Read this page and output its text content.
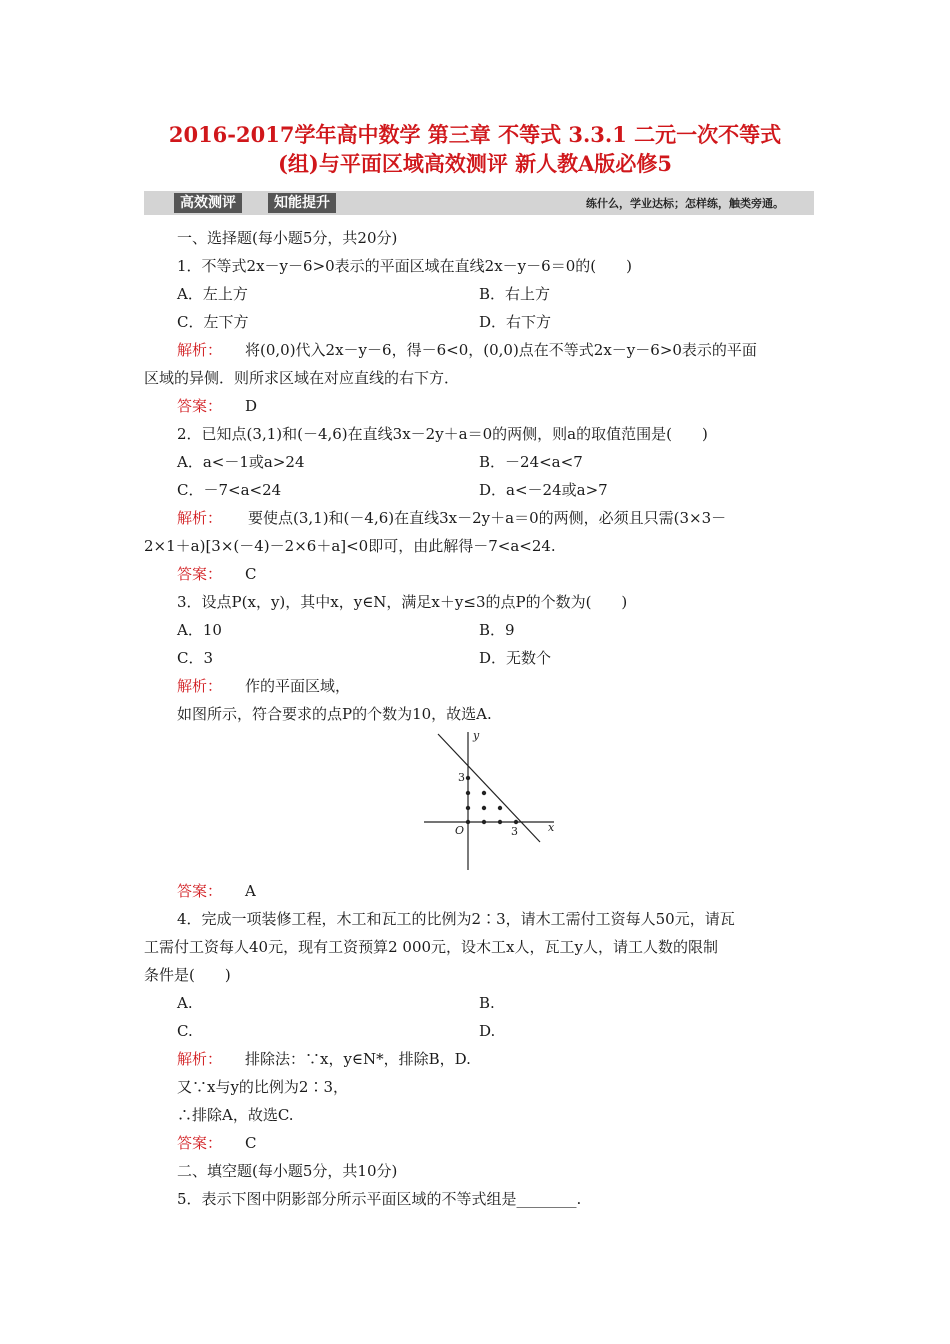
2016-2017学年高中数学 第三章 不等式 3.3.1 二元一次不等式
(组)与平面区域高效测评 新人教A版必修5
高效测评	知能提升	练什么，学业达标；怎样练，触类旁通。
一、选择题(每小题5分，共20分)
1．不等式2x－y－6>0表示的平面区域在直线2x－y－6＝0的(　　)
A．左上方	B．右上方
C．左下方	D．右下方
解析： 将(0,0)代入2x－y－6，得－6<0，(0,0)点在不等式2x－y－6>0表示的平面
区域的异侧．则所求区域在对应直线的右下方．
答案： D
2．已知点(3,1)和(－4,6)在直线3x－2y＋a＝0的两侧，则a的取值范围是(　　)
A．a<－1或a>24	B．－24<a<7
C．－7<a<24	D．a<－24或a>7
解析： 要使点(3,1)和(－4,6)在直线3x－2y＋a＝0的两侧，必须且只需(3×3－
2×1＋a)[3×(－4)－2×6＋a]<0即可，由此解得－7<a<24.
答案： C
3．设点P(x，y)，其中x，y∈N，满足x＋y≤3的点P的个数为(　　)
A．10	B．9
C．3	D．无数个
解析： 作的平面区域，
如图所示，符合要求的点P的个数为10，故选A.
y
x
O
3
3
答案： A
4．完成一项装修工程，木工和瓦工的比例为2∶3，请木工需付工资每人50元，请瓦
工需付工资每人40元，现有工资预算2 000元，设木工x人，瓦工y人，请工人数的限制
条件是(　　)
A.	B.
C.	D.
解析： 排除法：∵x，y∈N*，排除B，D.
又∵x与y的比例为2∶3，
∴排除A，故选C.
答案： C
二、填空题(每小题5分，共10分)
5．表示下图中阴影部分所示平面区域的不等式组是________.
